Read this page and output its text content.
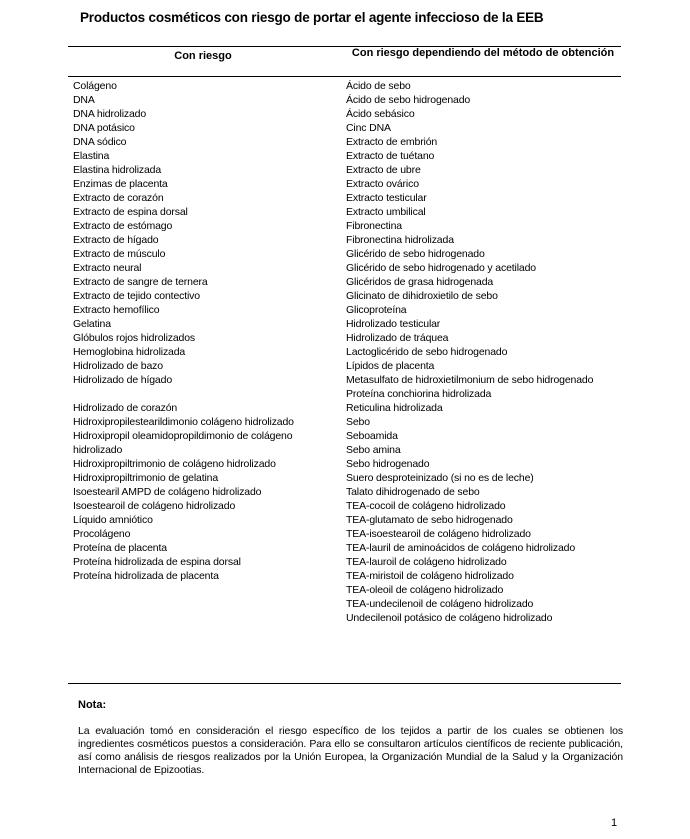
Productos cosméticos con riesgo de portar el agente infeccioso de la EEB
Con riesgo	Con riesgo dependiendo del método de obtención
Colágeno
DNA
DNA hidrolizado
DNA potásico
DNA sódico
Elastina
Elastina hidrolizada
Enzimas de placenta
Extracto de corazón
Extracto de espina dorsal
Extracto de estómago
Extracto de hígado
Extracto de músculo
Extracto neural
Extracto de sangre de ternera
Extracto de tejido contectivo
Extracto hemofílico
Gelatina
Glóbulos rojos hidrolizados
Hemoglobina hidrolizada
Hidrolizado de bazo
Hidrolizado de hígado
Hidrolizado de corazón
Hidroxipropilestearildimonio colágeno hidrolizado
Hidroxipropil oleamidopropildimonio de colágeno hidrolizado
Hidroxipropiltrimonio de colágeno hidrolizado
Hidroxipropiltrimonio de gelatina
Isoestearil AMPD de colágeno hidrolizado
Isoestearoil de colágeno hidrolizado
Líquido amniótico
Procolágeno
Proteína de placenta
Proteína hidrolizada de espina dorsal
Proteína hidrolizada de placenta
Ácido de sebo
Ácido de sebo hidrogenado
Ácido sebásico
Cinc DNA
Extracto de embrión
Extracto de tuétano
Extracto de ubre
Extracto ovárico
Extracto testicular
Extracto umbilical
Fibronectina
Fibronectina hidrolizada
Glicérido de sebo hidrogenado
Glicérido de sebo hidrogenado y acetilado
Glicéridos de grasa hidrogenada
Glicinato de dihidroxietilo de sebo
Glicoproteína
Hidrolizado testicular
Hidrolizado de tráquea
Lactoglicérido de sebo hidrogenado
Lípidos de placenta
Metasulfato de hidroxietilmonium de sebo hidrogenado
Proteína conchiorina hidrolizada
Reticulina hidrolizada
Sebo
Seboamida
Sebo amina
Sebo hidrogenado
Suero desproteinizado (si no es de leche)
Talato dihidrogenado de sebo
TEA-cocoil de colágeno hidrolizado
TEA-glutamato de sebo hidrogenado
TEA-isoestearoil de colágeno hidrolizado
TEA-lauril de aminoácidos de colágeno hidrolizado
TEA-lauroil de colágeno hidrolizado
TEA-miristoil de colágeno hidrolizado
TEA-oleoil de colágeno hidrolizado
TEA-undecilenoil de colágeno hidrolizado
Undecilenoil potásico de colágeno hidrolizado
Nota:
La evaluación tomó en consideración el riesgo específico de los tejidos a partir de los cuales se obtienen los ingredientes cosméticos puestos a consideración. Para ello se consultaron artículos científicos de reciente publicación, así como análisis de riesgos realizados por la Unión Europea, la Organización Mundial de la Salud y la Organización Internacional de Epizootias.
1
